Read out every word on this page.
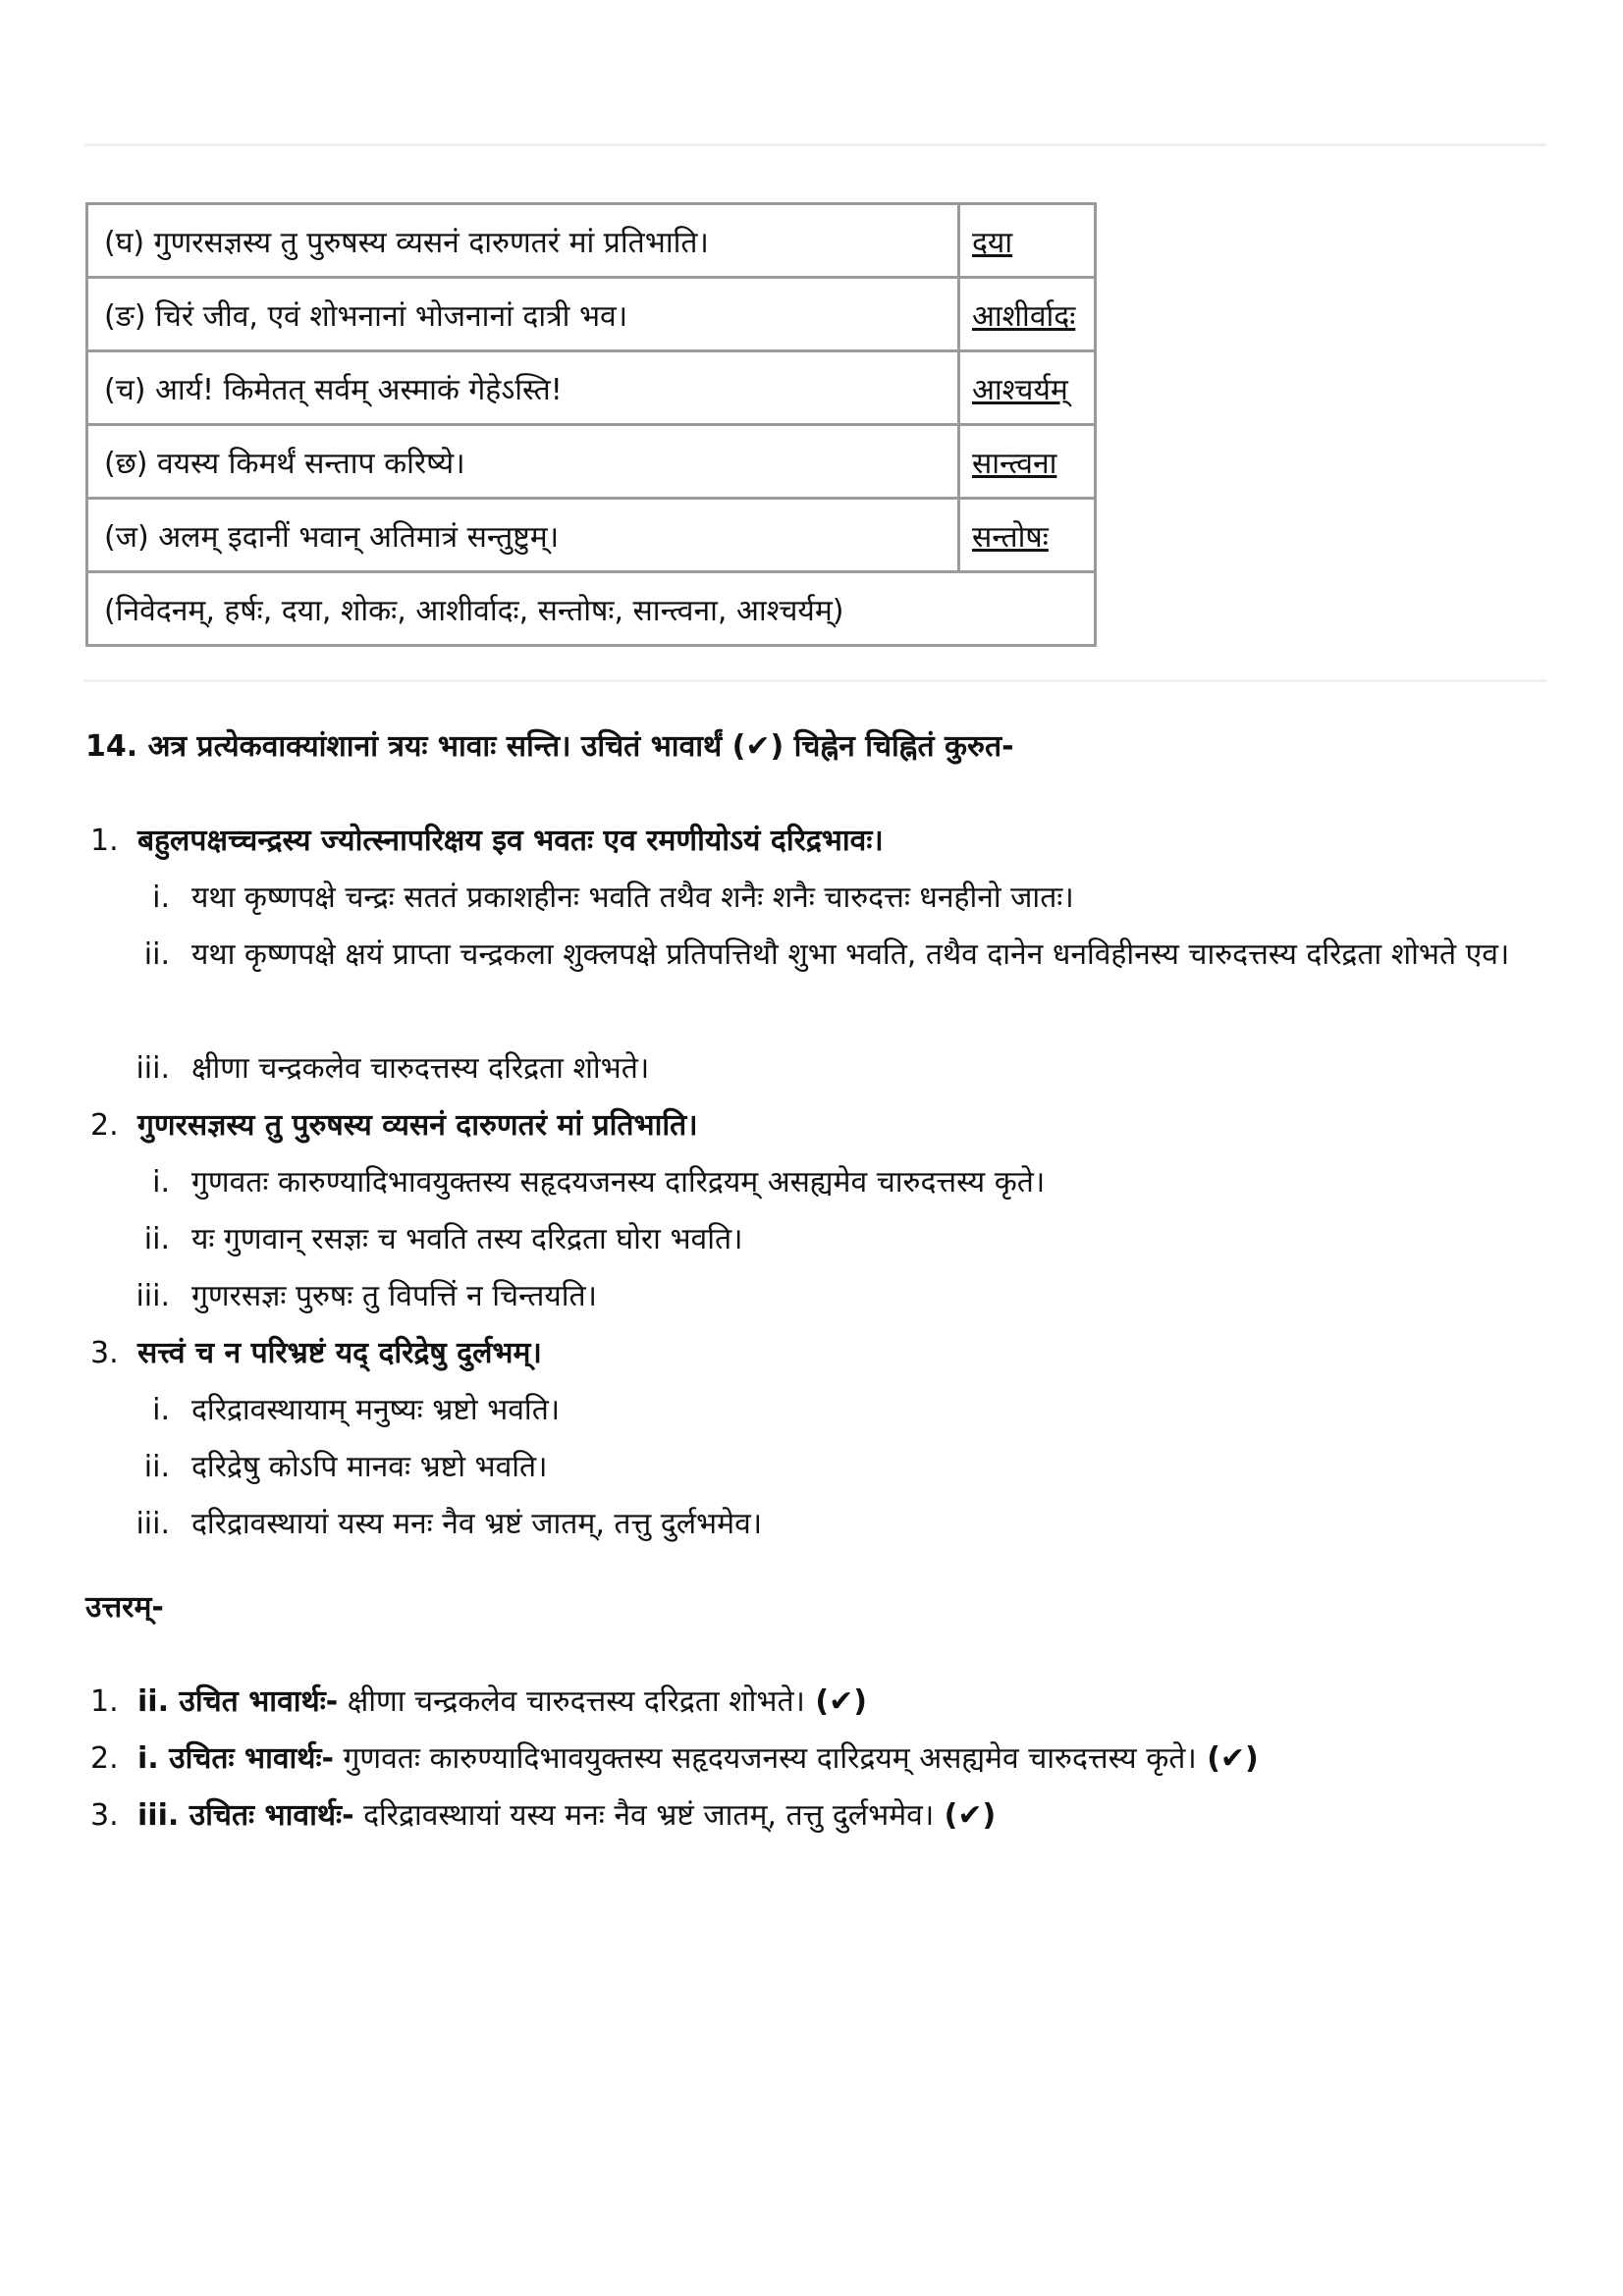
(घ) गुणरसज्ञस्य तु पुरुषस्य व्यसनं दारुणतरं मां प्रतिभाति।	दया
(ङ) चिरं जीव, एवं शोभनानां भोजनानां दात्री भव।	आशीर्वादः
(च) आर्य! किमेतत् सर्वम् अस्माकं गेहेऽस्ति!	आश्चर्यम्
(छ) वयस्य किमर्थं सन्ताप करिष्ये।	सान्त्वना
(ज) अलम् इदानीं भवान् अतिमात्रं सन्तुष्टुम्।	सन्तोषः
(निवेदनम्, हर्षः, दया, शोकः, आशीर्वादः, सन्तोषः, सान्त्वना, आश्चर्यम्)	
14. अत्र प्रत्येकवाक्यांशानां त्रयः भावाः सन्ति। उचितं भावार्थं (✔) चिह्नेन चिह्नितं कुरुत-
1. बहुलपक्षच्चन्द्रस्य ज्योत्स्नापरिक्षय इव भवतः एव रमणीयोऽयं दरिद्रभावः।
i. यथा कृष्णपक्षे चन्द्रः सततं प्रकाशहीनः भवति तथैव शनैः शनैः चारुदत्तः धनहीनो जातः।
ii. यथा कृष्णपक्षे क्षयं प्राप्ता चन्द्रकला शुक्लपक्षे प्रतिपत्तिथौ शुभा भवति, तथैव दानेन धनविहीनस्य चारुदत्तस्य दरिद्रता शोभते एव।
iii. क्षीणा चन्द्रकलेव चारुदत्तस्य दरिद्रता शोभते।
2. गुणरसज्ञस्य तु पुरुषस्य व्यसनं दारुणतरं मां प्रतिभाति।
i. गुणवतः कारुण्यादिभावयुक्तस्य सहृदयजनस्य दारिद्रयम् असह्यमेव चारुदत्तस्य कृते।
ii. यः गुणवान् रसज्ञः च भवति तस्य दरिद्रता घोरा भवति।
iii. गुणरसज्ञः पुरुषः तु विपत्तिं न चिन्तयति।
3. सत्त्वं च न परिभ्रष्टं यद् दरिद्रेषु दुर्लभम्।
i. दरिद्रावस्थायाम् मनुष्यः भ्रष्टो भवति।
ii. दरिद्रेषु कोऽपि मानवः भ्रष्टो भवति।
iii. दरिद्रावस्थायां यस्य मनः नैव भ्रष्टं जातम्, तत्तु दुर्लभमेव।
उत्तरम्-
1. ii. उचित भावार्थः- क्षीणा चन्द्रकलेव चारुदत्तस्य दरिद्रता शोभते। (✔)
2. i. उचितः भावार्थः- गुणवतः कारुण्यादिभावयुक्तस्य सहृदयजनस्य दारिद्रयम् असह्यमेव चारुदत्तस्य कृते। (✔)
3. iii. उचितः भावार्थः- दरिद्रावस्थायां यस्य मनः नैव भ्रष्टं जातम्, तत्तु दुर्लभमेव। (✔)
